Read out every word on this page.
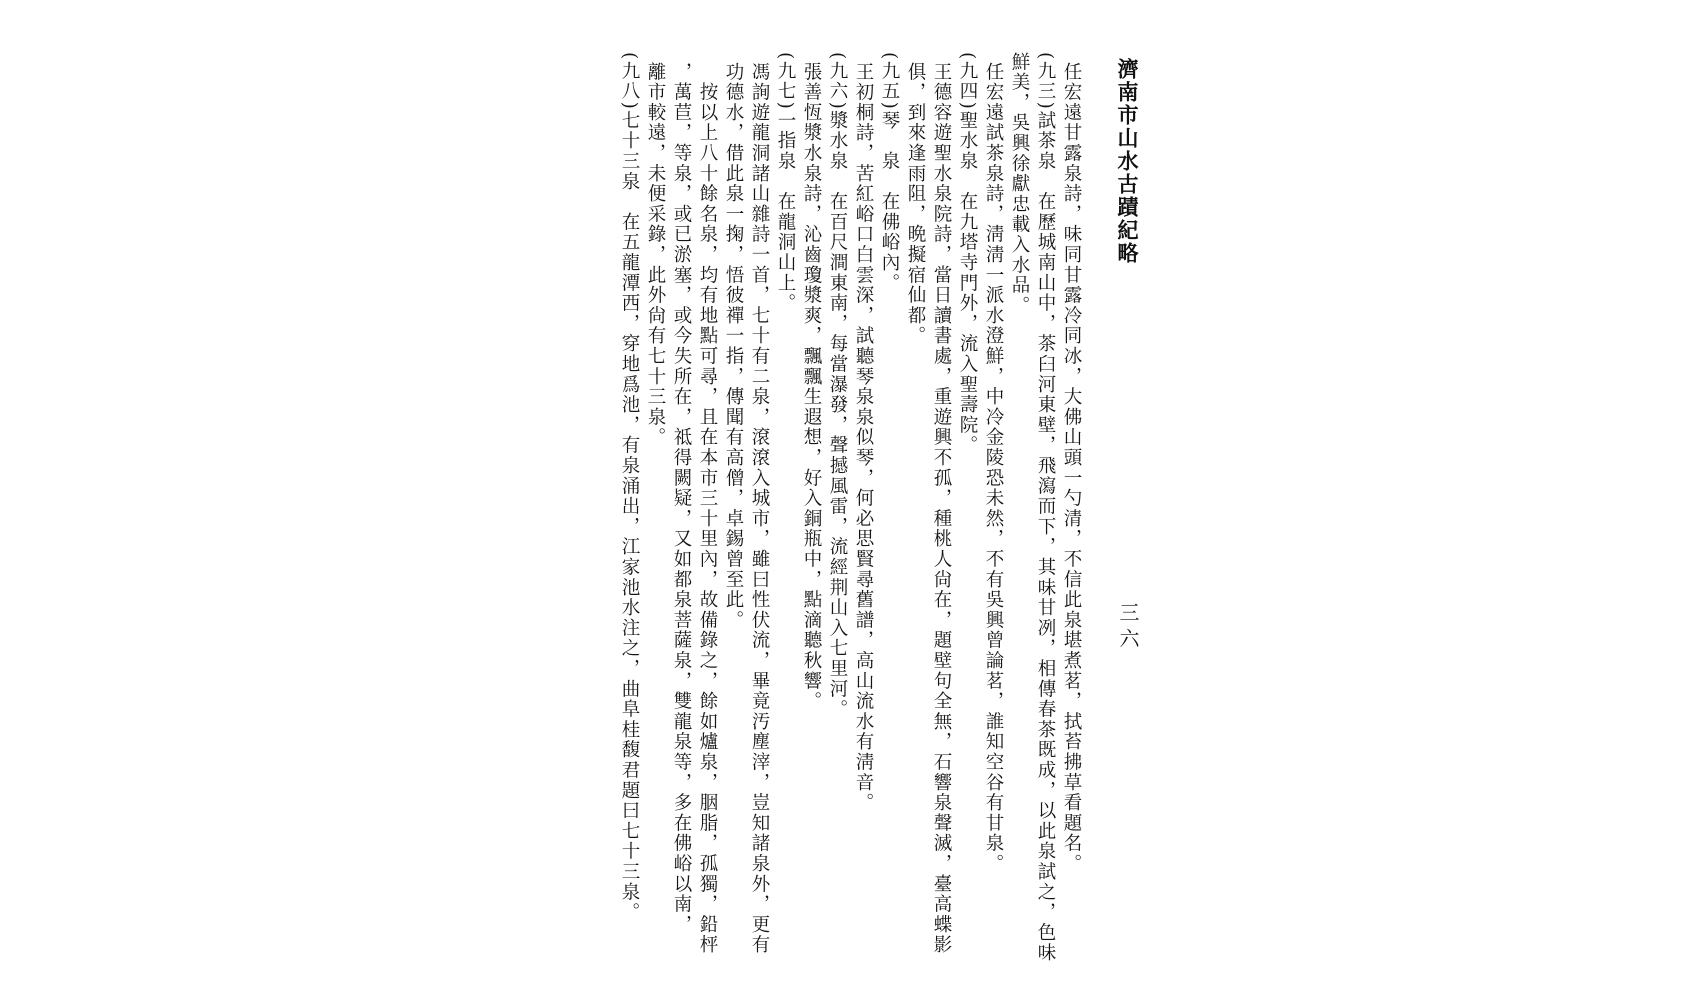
濟南市山水古蹟紀略
三六
任宏遠甘露泉詩，味同甘露冷同冰，大佛山頭一勺清，不信此泉堪煮茗，拭苔拂草看題名。
(九三)試茶泉　在歷城南山中，茶臼河東壁，飛瀉而下，其味甘冽，相傳春茶既成，以此泉試之，色味
鮮美，吳興徐獻忠載入水品。
任宏遠試茶泉詩，淸淸一派水澄鮮，中冷金陵恐未然，不有吳興曾論茗，誰知空谷有甘泉。
(九四)聖水泉　在九塔寺門外，流入聖壽院。
王德容遊聖水泉院詩，當日讀書處，重遊興不孤，種桃人尙在，題壁句全無，石響泉聲滅，臺高蝶影
俱，到來逢雨阻，晩擬宿仙都。
(九五)琴　泉　在佛峪內。
王初桐詩，苦紅峪口白雲深，試聽琴泉泉似琴，何必思賢尋舊譜，高山流水有淸音。
(九六)漿水泉　在百尺澗東南，每當瀑發，聲撼風雷，流經荆山入七里河。
張善恆漿水泉詩，沁齒瓊漿爽，飄飄生遐想，好入銅瓶中，點滴聽秋響。
(九七)一指泉　在龍洞山上。
馮詢遊龍洞諸山雜詩一首，七十有二泉，滾滾入城市，雖曰性伏流，畢竟汚塵滓，豈知諸泉外，更有
功德水，借此泉一掬，悟彼禪一指，傳聞有高僧，卓錫曾至此。
　按以上八十餘名泉，均有地點可尋，且在本市三十里內，故備錄之，餘如爐泉，胭脂，孤獨，鉛枰
，萬苣，等泉，或已淤塞，或今失所在，祗得闕疑，又如都泉菩薩泉，雙龍泉等，多在佛峪以南，
離市較遠，未便采錄，此外尙有七十三泉。
(九八)七十三泉　在五龍潭西，穿地爲池，有泉涌出，江家池水注之，曲阜桂馥君題曰七十三泉。
